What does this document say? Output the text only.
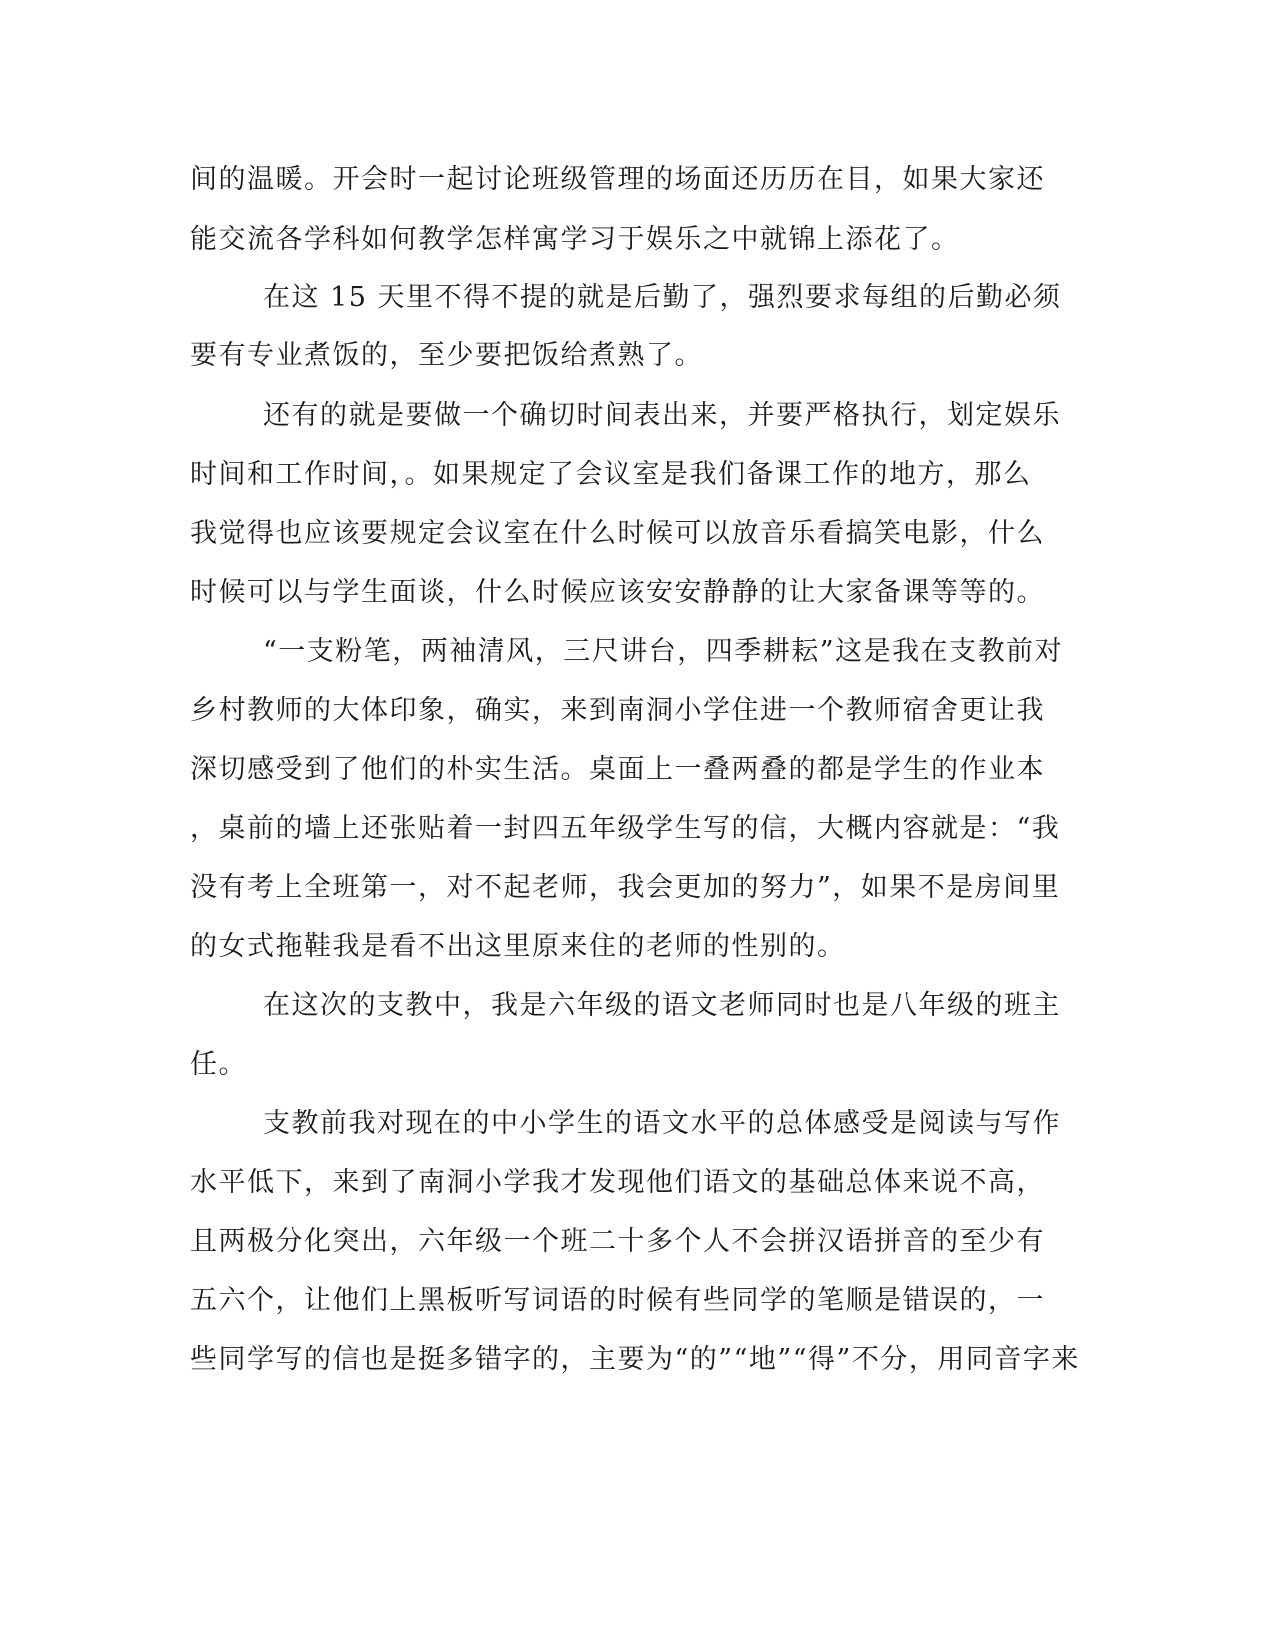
间的温暖。开会时一起讨论班级管理的场面还历历在目，如果大家还
能交流各学科如何教学怎样寓学习于娱乐之中就锦上添花了。
在这 15 天里不得不提的就是后勤了，强烈要求每组的后勤必须
要有专业煮饭的，至少要把饭给煮熟了。
还有的就是要做一个确切时间表出来，并要严格执行，划定娱乐
时间和工作时间，。如果规定了会议室是我们备课工作的地方，那么
我觉得也应该要规定会议室在什么时候可以放音乐看搞笑电影，什么
时候可以与学生面谈，什么时候应该安安静静的让大家备课等等的。
“一支粉笔，两袖清风，三尺讲台，四季耕耘”这是我在支教前对
乡村教师的大体印象，确实，来到南洞小学住进一个教师宿舍更让我
深切感受到了他们的朴实生活。桌面上一叠两叠的都是学生的作业本
，桌前的墙上还张贴着一封四五年级学生写的信，大概内容就是：“我
没有考上全班第一，对不起老师，我会更加的努力”，如果不是房间里
的女式拖鞋我是看不出这里原来住的老师的性别的。
在这次的支教中，我是六年级的语文老师同时也是八年级的班主
任。
支教前我对现在的中小学生的语文水平的总体感受是阅读与写作
水平低下，来到了南洞小学我才发现他们语文的基础总体来说不高，
且两极分化突出，六年级一个班二十多个人不会拼汉语拼音的至少有
五六个，让他们上黑板听写词语的时候有些同学的笔顺是错误的，一
些同学写的信也是挺多错字的，主要为“的”“地”“得”不分，用同音字来
